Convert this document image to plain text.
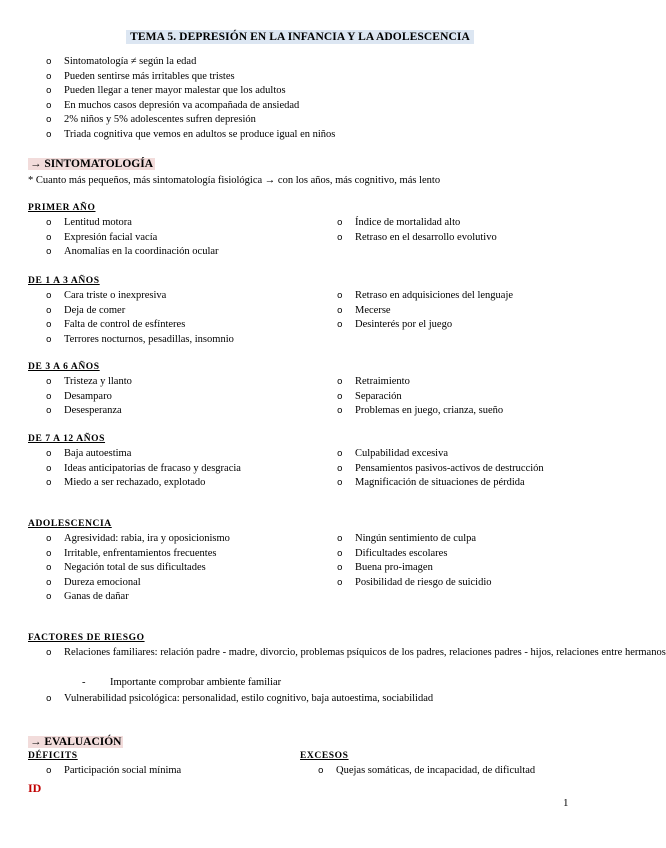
TEMA 5. DEPRESIÓN EN LA INFANCIA Y LA ADOLESCENCIA
o Sintomatología ≠ según la edad
o Pueden sentirse más irritables que tristes
o Pueden llegar a tener mayor malestar que los adultos
o En muchos casos depresión va acompañada de ansiedad
o 2% niños y 5% adolescentes sufren depresión
o Triada cognitiva que vemos en adultos se produce igual en niños
→ SINTOMATOLOGÍA
* Cuanto más pequeños, más sintomatología fisiológica → con los años, más cognitivo, más lento
PRIMER AÑO
o Lentitud motora
o Expresión facial vacía
o Anomalías en la coordinación ocular
o Índice de mortalidad alto
o Retraso en el desarrollo evolutivo
DE 1 A 3 AÑOS
o Cara triste o inexpresiva
o Deja de comer
o Falta de control de esfínteres
o Terrores nocturnos, pesadillas, insomnio
o Retraso en adquisiciones del lenguaje
o Mecerse
o Desinterés por el juego
DE 3 A 6 AÑOS
o Tristeza y llanto
o Desamparo
o Desesperanza
o Retraimiento
o Separación
o Problemas en juego, crianza, sueño
DE 7 A 12 AÑOS
o Baja autoestima
o Ideas anticipatorias de fracaso y desgracia
o Miedo a ser rechazado, explotado
o Culpabilidad excesiva
o Pensamientos pasivos-activos de destrucción
o Magnificación de situaciones de pérdida
ADOLESCENCIA
o Agresividad: rabia, ira y oposicionismo
o Irritable, enfrentamientos frecuentes
o Negación total de sus dificultades
o Dureza emocional
o Ganas de dañar
o Ningún sentimiento de culpa
o Dificultades escolares
o Buena pro-imagen
o Posibilidad de riesgo de suicidio
FACTORES DE RIESGO
o Relaciones familiares: relación padre - madre, divorcio, problemas psíquicos de los padres, relaciones padres - hijos, relaciones entre hermanos
- Importante comprobar ambiente familiar
o Vulnerabilidad psicológica: personalidad, estilo cognitivo, baja autoestima, sociabilidad
→ EVALUACIÓN
DÉFICITS
o Participación social mínima
EXCESOS
o Quejas somáticas, de incapacidad, de dificultad
ID
1
